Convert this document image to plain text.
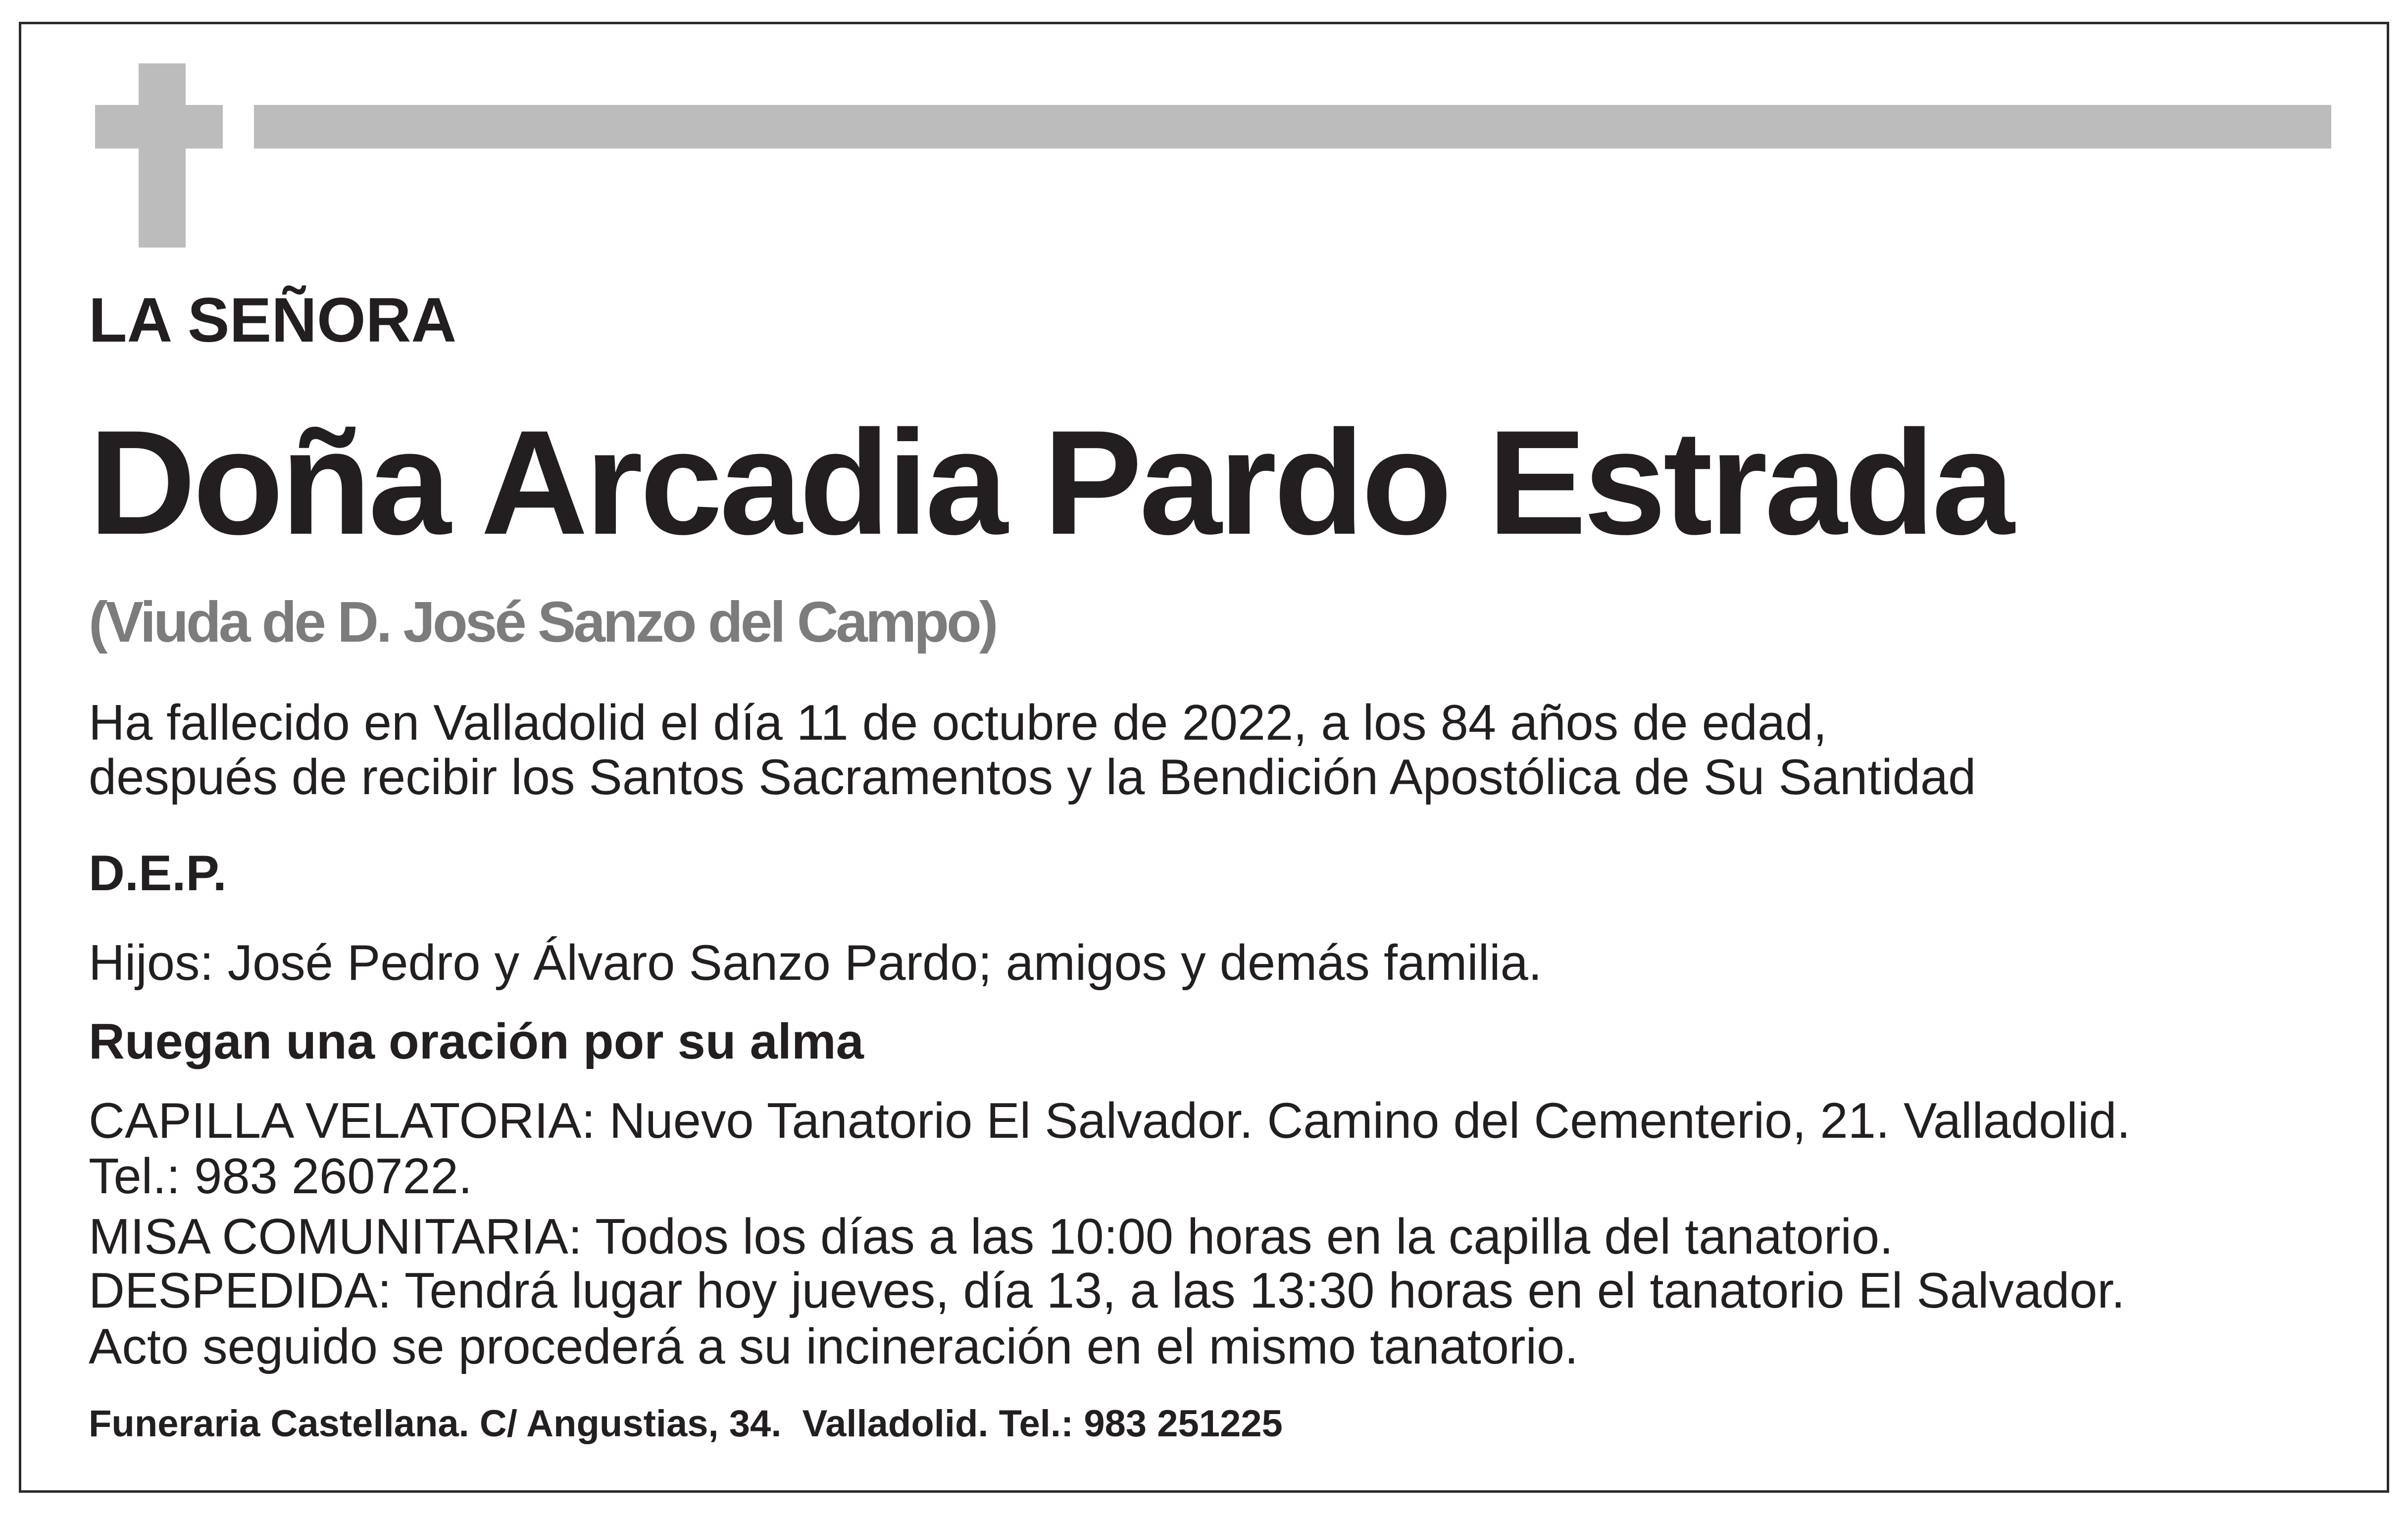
LA SEÑORA
Doña Arcadia Pardo Estrada
(Viuda de D. José Sanzo del Campo)
Ha fallecido en Valladolid el día 11 de octubre de 2022, a los 84 años de edad,
después de recibir los Santos Sacramentos y la Bendición Apostólica de Su Santidad
D.E.P.
Hijos: José Pedro y Álvaro Sanzo Pardo; amigos y demás familia.
Ruegan una oración por su alma
CAPILLA VELATORIA: Nuevo Tanatorio El Salvador. Camino del Cementerio, 21. Valladolid.
Tel.: 983 260722.
MISA COMUNITARIA: Todos los días a las 10:00 horas en la capilla del tanatorio.
DESPEDIDA: Tendrá lugar hoy jueves, día 13, a las 13:30 horas en el tanatorio El Salvador.
Acto seguido se procederá a su incineración en el mismo tanatorio.
Funeraria Castellana. C/ Angustias, 34.  Valladolid. Tel.: 983 251225
